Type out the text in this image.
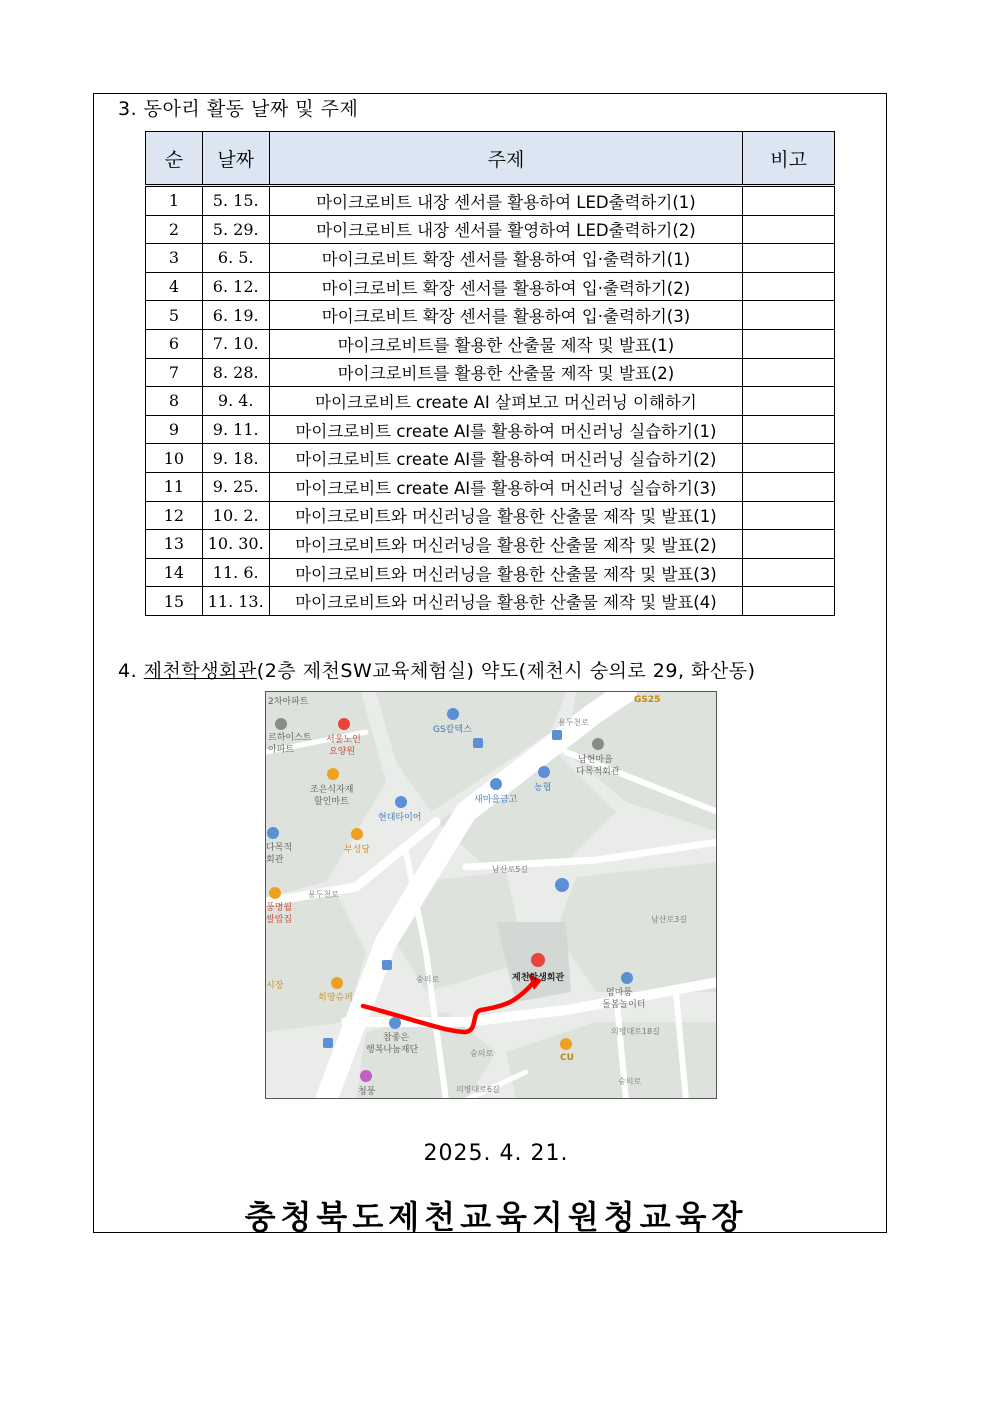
3. 동아리 활동 날짜 및 주제
순	날짜	주제	비고
1	5. 15.	마이크로비트 내장 센서를 활용하여 LED출력하기(1)	
2	5. 29.	마이크로비트 내장 센서를 활영하여 LED출력하기(2)	
3	6. 5.	마이크로비트 확장 센서를 활용하여 입·출력하기(1)	
4	6. 12.	마이크로비트 확장 센서를 활용하여 입·출력하기(2)	
5	6. 19.	마이크로비트 확장 센서를 활용하여 입·출력하기(3)	
6	7. 10.	마이크로비트를 활용한 산출물 제작 및 발표(1)	
7	8. 28.	마이크로비트를 활용한 산출물 제작 및 발표(2)	
8	9. 4.	마이크로비트 create AI 살펴보고 머신러닝 이해하기	
9	9. 11.	마이크로비트 create AI를 활용하여 머신러닝 실습하기(1)	
10	9. 18.	마이크로비트 create AI를 활용하여 머신러닝 실습하기(2)	
11	9. 25.	마이크로비트 create AI를 활용하여 머신러닝 실습하기(3)	
12	10. 2.	마이크로비트와 머신러닝을 활용한 산출물 제작 및 발표(1)	
13	10. 30.	마이크로비트와 머신러닝을 활용한 산출물 제작 및 발표(2)	
14	11. 6.	마이크로비트와 머신러닝을 활용한 산출물 제작 및 발표(3)	
15	11. 13.	마이크로비트와 머신러닝을 활용한 산출물 제작 및 발표(4)	
4. 제천학생회관(2층 제천SW교육체험실) 약도(제천시 숭의로 29, 화산동)
2차아파트
르하이스트
아파트
서울노인
요양원
GS칼텍스
GS25
용두천로
남현마을
다목적회관
조은식자재
할인마트	새마을금고
농협
현대타이어
다목적
회관
부성당
남산로5길
남산로3길
용두천로
풍명월
쌀밥집
시장
희망슈퍼
제천학생회관
엄마품
돌봄놀이터
참좋은
행복나눔재단
CU
의병대로18길
숭의로
숭의로
의병대로6길
청풍
숭의로
2025. 4. 21.
충청북도제천교육지원청교육장
